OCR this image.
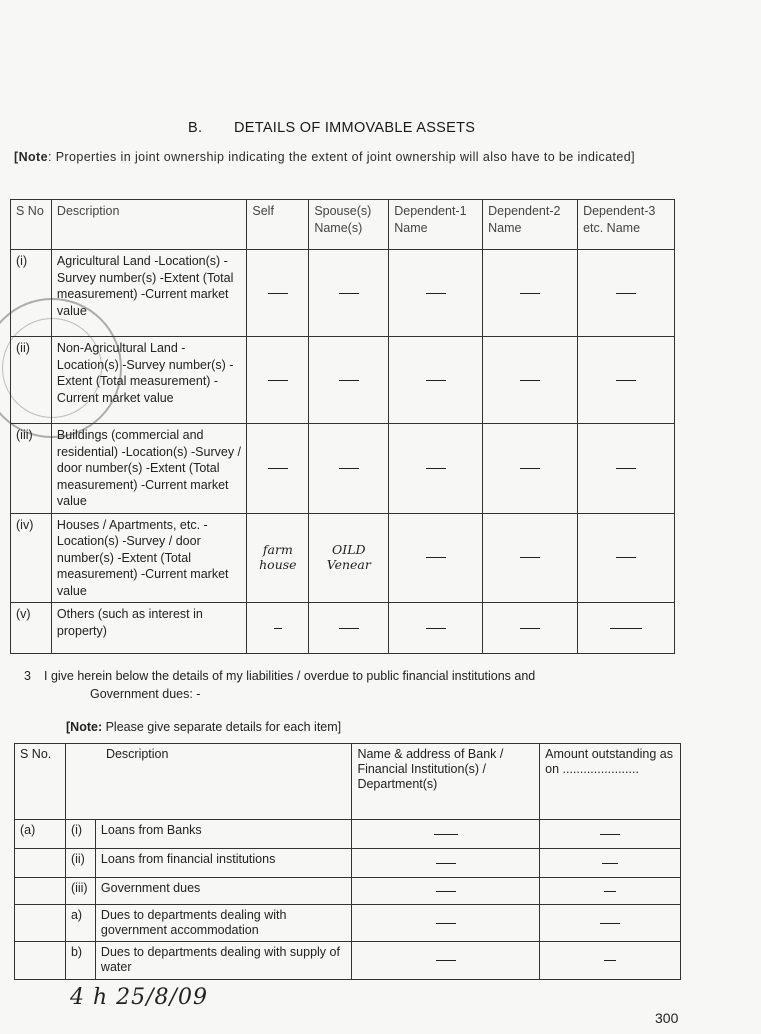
B. DETAILS OF IMMOVABLE ASSETS
[Note: Properties in joint ownership indicating the extent of joint ownership will also have to be indicated]
S No	Description	Self	Spouse(s) Name(s)	Dependent-1 Name	Dependent-2 Name	Dependent-3 etc. Name
(i)	Agricultural Land -Location(s) -Survey number(s) -Extent (Total measurement) -Current market value	

(ii)	Non-Agricultural Land -Location(s) -Survey number(s) -Extent (Total measurement) -Current market value	

(iii)	Buildings (commercial and residential) -Location(s) -Survey / door number(s) -Extent (Total measurement) -Current market value	

(iv)	Houses / Apartments, etc. -Location(s) -Survey / door number(s) -Extent (Total measurement) -Current market value	farm house	OILD Venear	

(v)	Others (such as interest in property)	

3 I give herein below the details of my liabilities / overdue to public financial institutions and
Government dues: -
[Note: Please give separate details for each item]
S No.	Description		Name & address of Bank / Financial Institution(s) / Department(s)	Amount outstanding as on ......................
(a)	(i)	Loans from Banks	

	(ii)	Loans from financial institutions	

	(iii)	Government dues	

	a)	Dues to departments dealing with government accommodation	

	b)	Dues to departments dealing with supply of water	

4 h 25/8/09
300
